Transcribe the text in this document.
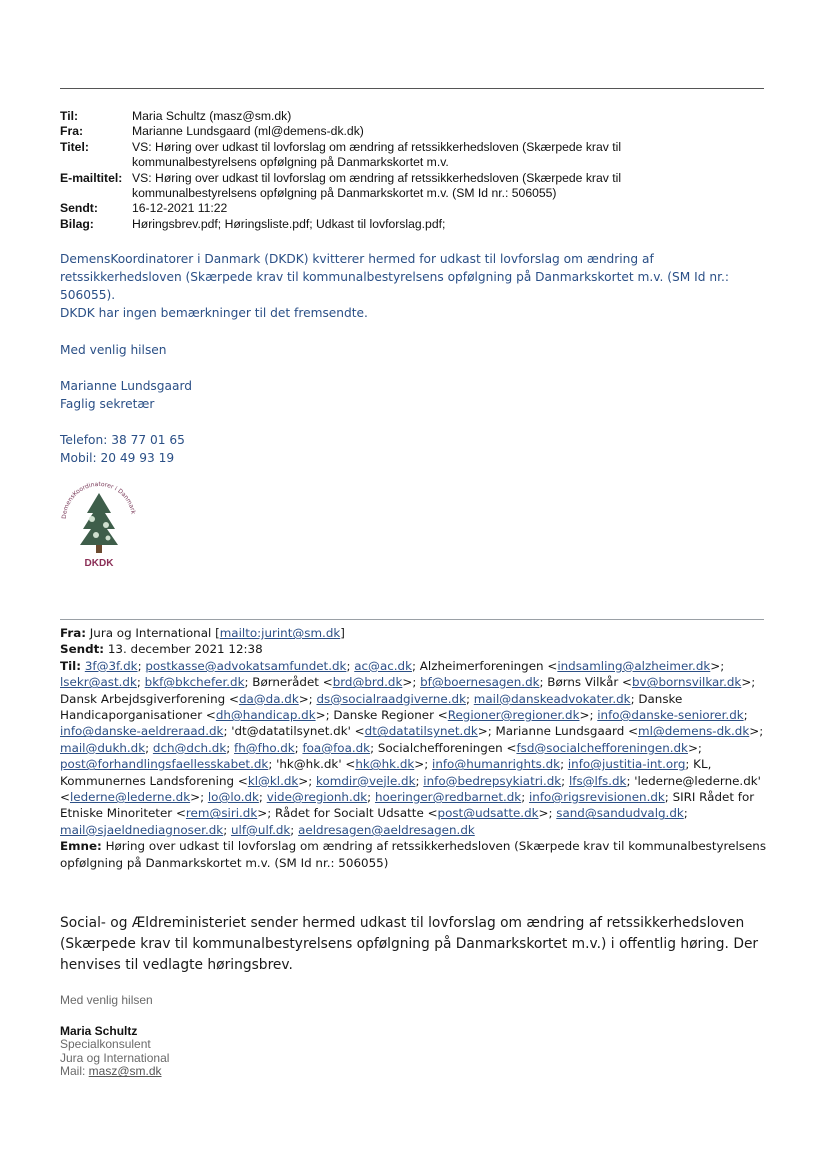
Til:	Maria Schultz (masz@sm.dk)
Fra:	Marianne Lundsgaard (ml@demens-dk.dk)
Titel:	VS: Høring over udkast til lovforslag om ændring af retssikkerhedsloven (Skærpede krav til
kommunalbestyrelsens opfølgning på Danmarkskortet m.v.
E-mailtitel: VS: Høring over udkast til lovforslag om ændring af retssikkerhedsloven (Skærpede krav til
kommunalbestyrelsens opfølgning på Danmarkskortet m.v. (SM Id nr.: 506055)
Sendt:	16-12-2021 11:22
Bilag:	Høringsbrev.pdf; Høringsliste.pdf; Udkast til lovforslag.pdf;
DemensKoordinatorer i Danmark (DKDK) kvitterer hermed for udkast til lovforslag om ændring af
retssikkerhedsloven (Skærpede krav til kommunalbestyrelsens opfølgning på Danmarkskortet m.v. (SM Id nr.:
506055).
DKDK har ingen bemærkninger til det fremsendte.
Med venlig hilsen
Marianne Lundsgaard
Faglig sekretær
Telefon: 38 77 01 65
Mobil: 20 49 93 19
DemensKoordinatorer i Danmark
DKDK
Fra: Jura og International [mailto:jurint@sm.dk]
Sendt: 13. december 2021 12:38
Til: 3f@3f.dk; postkasse@advokatsamfundet.dk; ac@ac.dk; Alzheimerforeningen <indsamling@alzheimer.dk>; lsekr@ast.dk; bkf@bkchefer.dk; Børnerådet <brd@brd.dk>; bf@boernesagen.dk; Børns Vilkår <bv@bornsvilkar.dk>; Dansk Arbejdsgiverforening <da@da.dk>; ds@socialraadgiverne.dk; mail@danskeadvokater.dk; Danske Handicaporganisationer <dh@handicap.dk>; Danske Regioner <Regioner@regioner.dk>; info@danske-seniorer.dk; info@danske-aeldreraad.dk; 'dt@datatilsynet.dk' <dt@datatilsynet.dk>; Marianne Lundsgaard <ml@demens-dk.dk>; mail@dukh.dk; dch@dch.dk; fh@fho.dk; foa@foa.dk; Socialchefforeningen <fsd@socialchefforeningen.dk>; post@forhandlingsfaellesskabet.dk; 'hk@hk.dk' <hk@hk.dk>; info@humanrights.dk; info@justitia-int.org; KL, Kommunernes Landsforening <kl@kl.dk>; komdir@vejle.dk; info@bedrepsykiatri.dk; lfs@lfs.dk; 'lederne@lederne.dk' <lederne@lederne.dk>; lo@lo.dk; vide@regionh.dk; hoeringer@redbarnet.dk; info@rigsrevisionen.dk; SIRI Rådet for Etniske Minoriteter <rem@siri.dk>; Rådet for Socialt Udsatte <post@udsatte.dk>; sand@sandudvalg.dk; mail@sjaeldnediagnoser.dk; ulf@ulf.dk; aeldresagen@aeldresagen.dk
Emne: Høring over udkast til lovforslag om ændring af retssikkerhedsloven (Skærpede krav til kommunalbestyrelsens opfølgning på Danmarkskortet m.v. (SM Id nr.: 506055)
Social- og Ældreministeriet sender hermed udkast til lovforslag om ændring af retssikkerhedsloven (Skærpede krav til kommunalbestyrelsens opfølgning på Danmarkskortet m.v.) i offentlig høring. Der henvises til vedlagte høringsbrev.
Med venlig hilsen
Maria Schultz
Specialkonsulent
Jura og International
Mail: masz@sm.dk
